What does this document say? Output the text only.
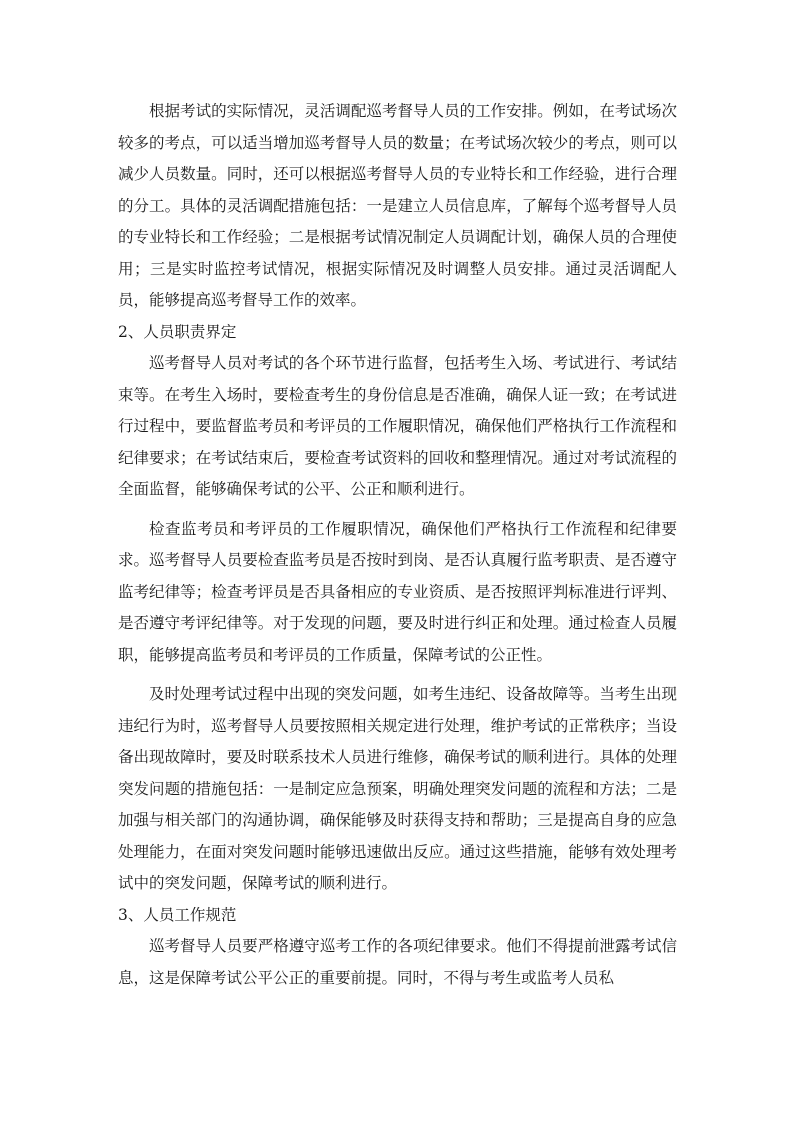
根据考试的实际情况，灵活调配巡考督导人员的工作安排。例如，在考试场次较多的考点，可以适当增加巡考督导人员的数量；在考试场次较少的考点，则可以减少人员数量。同时，还可以根据巡考督导人员的专业特长和工作经验，进行合理的分工。具体的灵活调配措施包括：一是建立人员信息库，了解每个巡考督导人员的专业特长和工作经验；二是根据考试情况制定人员调配计划，确保人员的合理使用；三是实时监控考试情况，根据实际情况及时调整人员安排。通过灵活调配人员，能够提高巡考督导工作的效率。

2、人员职责界定

巡考督导人员对考试的各个环节进行监督，包括考生入场、考试进行、考试结束等。在考生入场时，要检查考生的身份信息是否准确，确保人证一致；在考试进行过程中，要监督监考员和考评员的工作履职情况，确保他们严格执行工作流程和纪律要求；在考试结束后，要检查考试资料的回收和整理情况。通过对考试流程的全面监督，能够确保考试的公平、公正和顺利进行。

检查监考员和考评员的工作履职情况，确保他们严格执行工作流程和纪律要求。巡考督导人员要检查监考员是否按时到岗、是否认真履行监考职责、是否遵守监考纪律等；检查考评员是否具备相应的专业资质、是否按照评判标准进行评判、是否遵守考评纪律等。对于发现的问题，要及时进行纠正和处理。通过检查人员履职，能够提高监考员和考评员的工作质量，保障考试的公正性。

及时处理考试过程中出现的突发问题，如考生违纪、设备故障等。当考生出现违纪行为时，巡考督导人员要按照相关规定进行处理，维护考试的正常秩序；当设备出现故障时，要及时联系技术人员进行维修，确保考试的顺利进行。具体的处理突发问题的措施包括：一是制定应急预案，明确处理突发问题的流程和方法；二是加强与相关部门的沟通协调，确保能够及时获得支持和帮助；三是提高自身的应急处理能力，在面对突发问题时能够迅速做出反应。通过这些措施，能够有效处理考试中的突发问题，保障考试的顺利进行。

3、人员工作规范

巡考督导人员要严格遵守巡考工作的各项纪律要求。他们不得提前泄露考试信息，这是保障考试公平公正的重要前提。同时，不得与考生或监考人员私
